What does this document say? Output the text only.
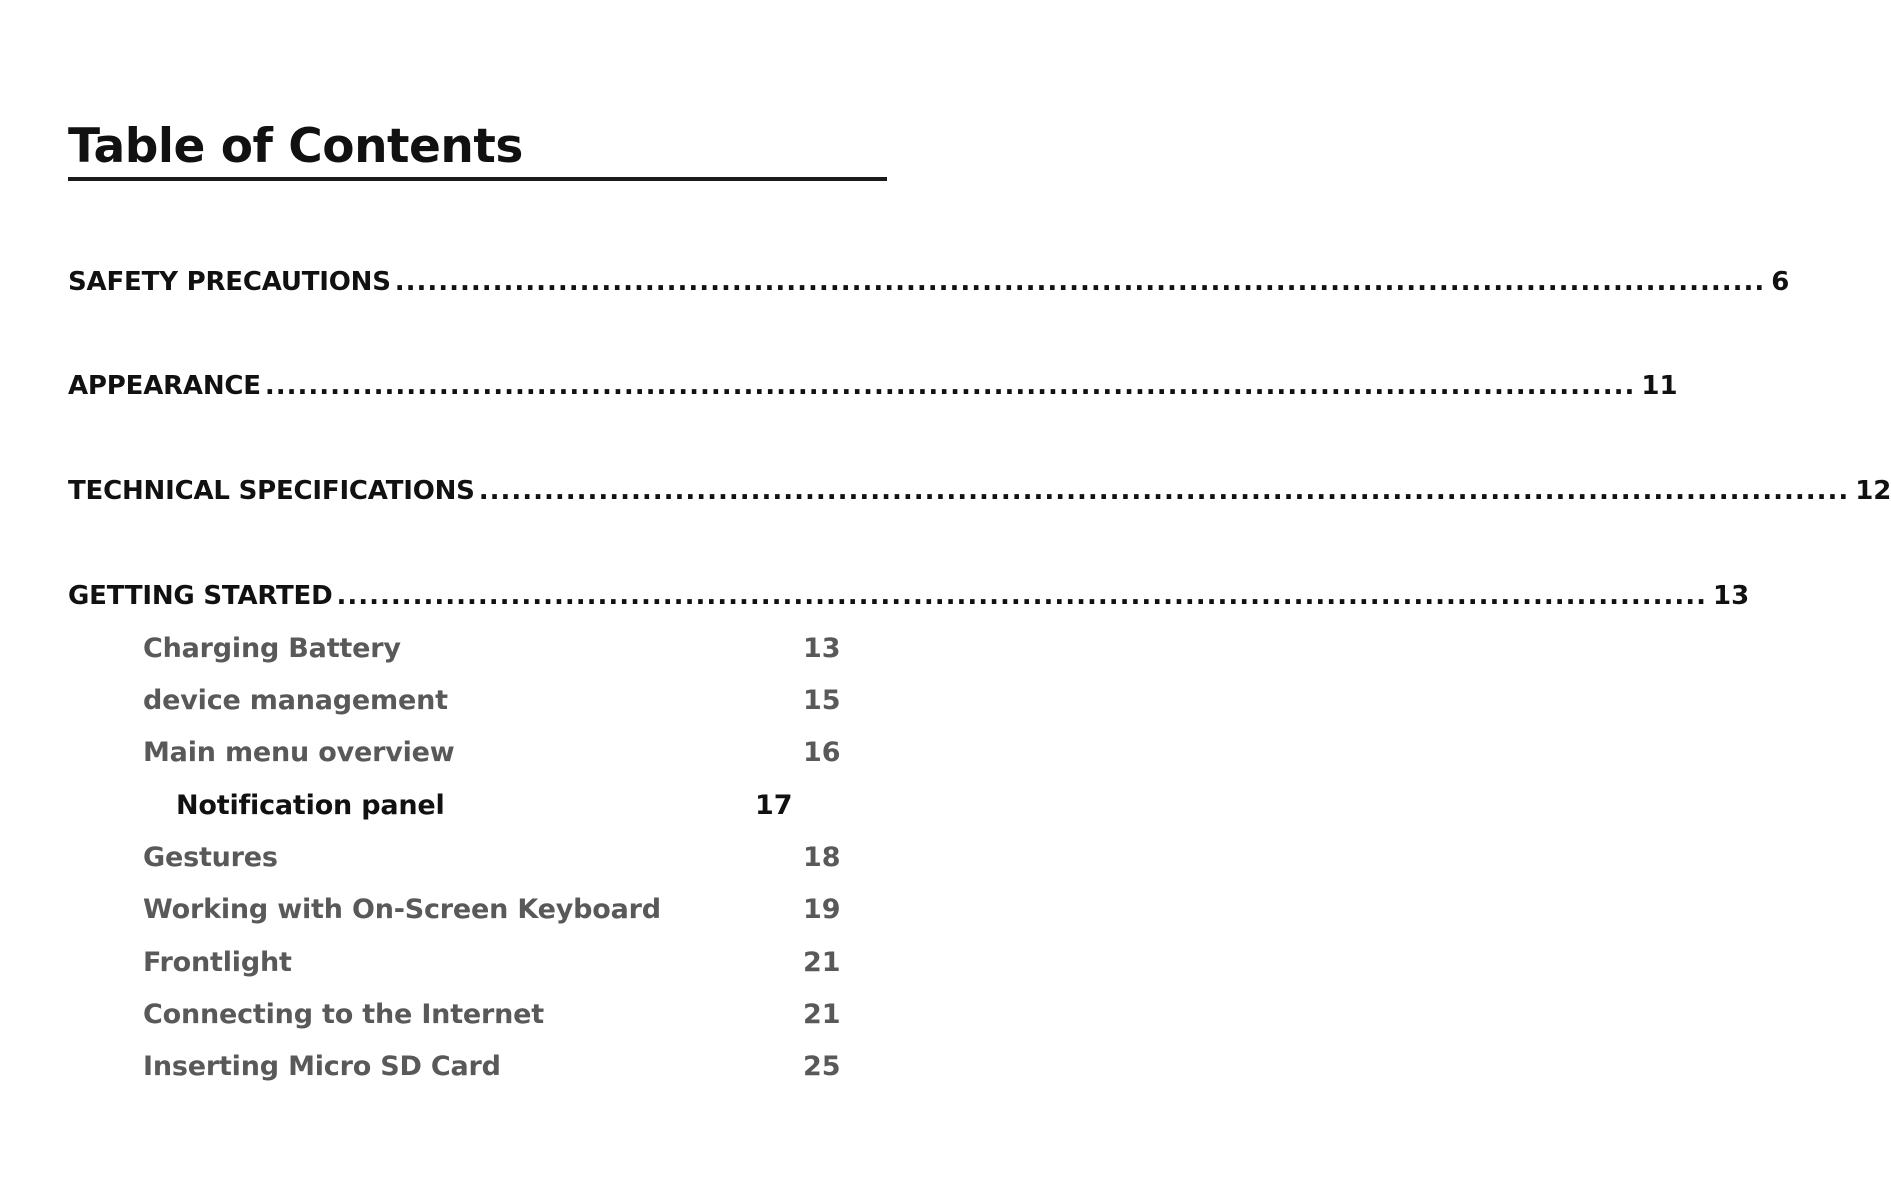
Table of Contents
SAFETY PRECAUTIONS .............................................................................................................................. 6
APPEARANCE .............................................................................................................................. 11
TECHNICAL SPECIFICATIONS .............................................................................................................................. 12
GETTING STARTED .............................................................................................................................. 13
Charging Battery	13
device management	15
Main menu overview	16
Notification panel	17
Gestures	18
Working with On-Screen Keyboard	19
Frontlight	21
Connecting to the Internet	21
Inserting Micro SD Card	25
